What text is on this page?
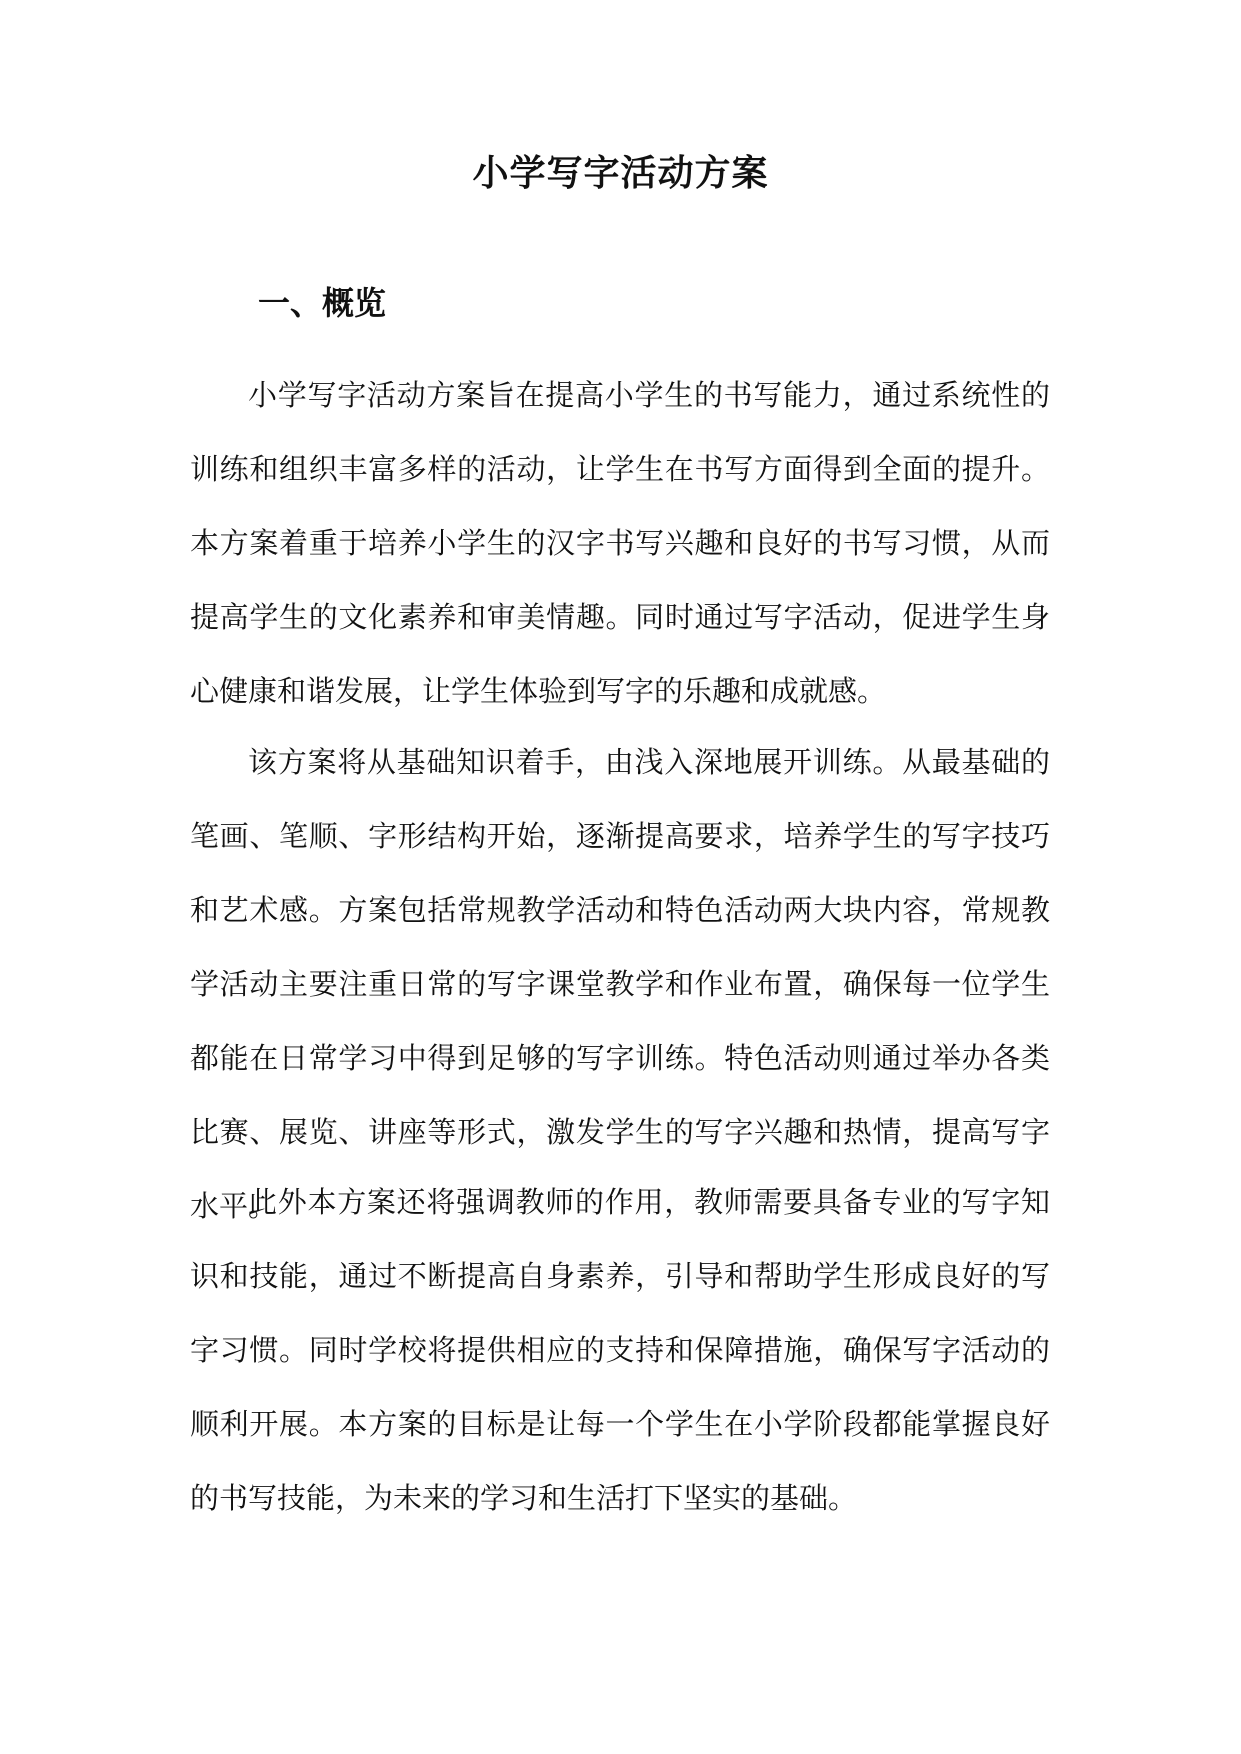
小学写字活动方案
一、概览

小学写字活动方案旨在提高小学生的书写能力，通过系统性的训练和组织丰富多样的活动，让学生在书写方面得到全面的提升。本方案着重于培养小学生的汉字书写兴趣和良好的书写习惯，从而提高学生的文化素养和审美情趣。同时通过写字活动，促进学生身心健康和谐发展，让学生体验到写字的乐趣和成就感。

该方案将从基础知识着手，由浅入深地展开训练。从最基础的笔画、笔顺、字形结构开始，逐渐提高要求，培养学生的写字技巧和艺术感。方案包括常规教学活动和特色活动两大块内容，常规教学活动主要注重日常的写字课堂教学和作业布置，确保每一位学生都能在日常学习中得到足够的写字训练。特色活动则通过举办各类比赛、展览、讲座等形式，激发学生的写字兴趣和热情，提高写字水平。

此外本方案还将强调教师的作用，教师需要具备专业的写字知识和技能，通过不断提高自身素养，引导和帮助学生形成良好的写字习惯。同时学校将提供相应的支持和保障措施，确保写字活动的顺利开展。本方案的目标是让每一个学生在小学阶段都能掌握良好的书写技能，为未来的学习和生活打下坚实的基础。
